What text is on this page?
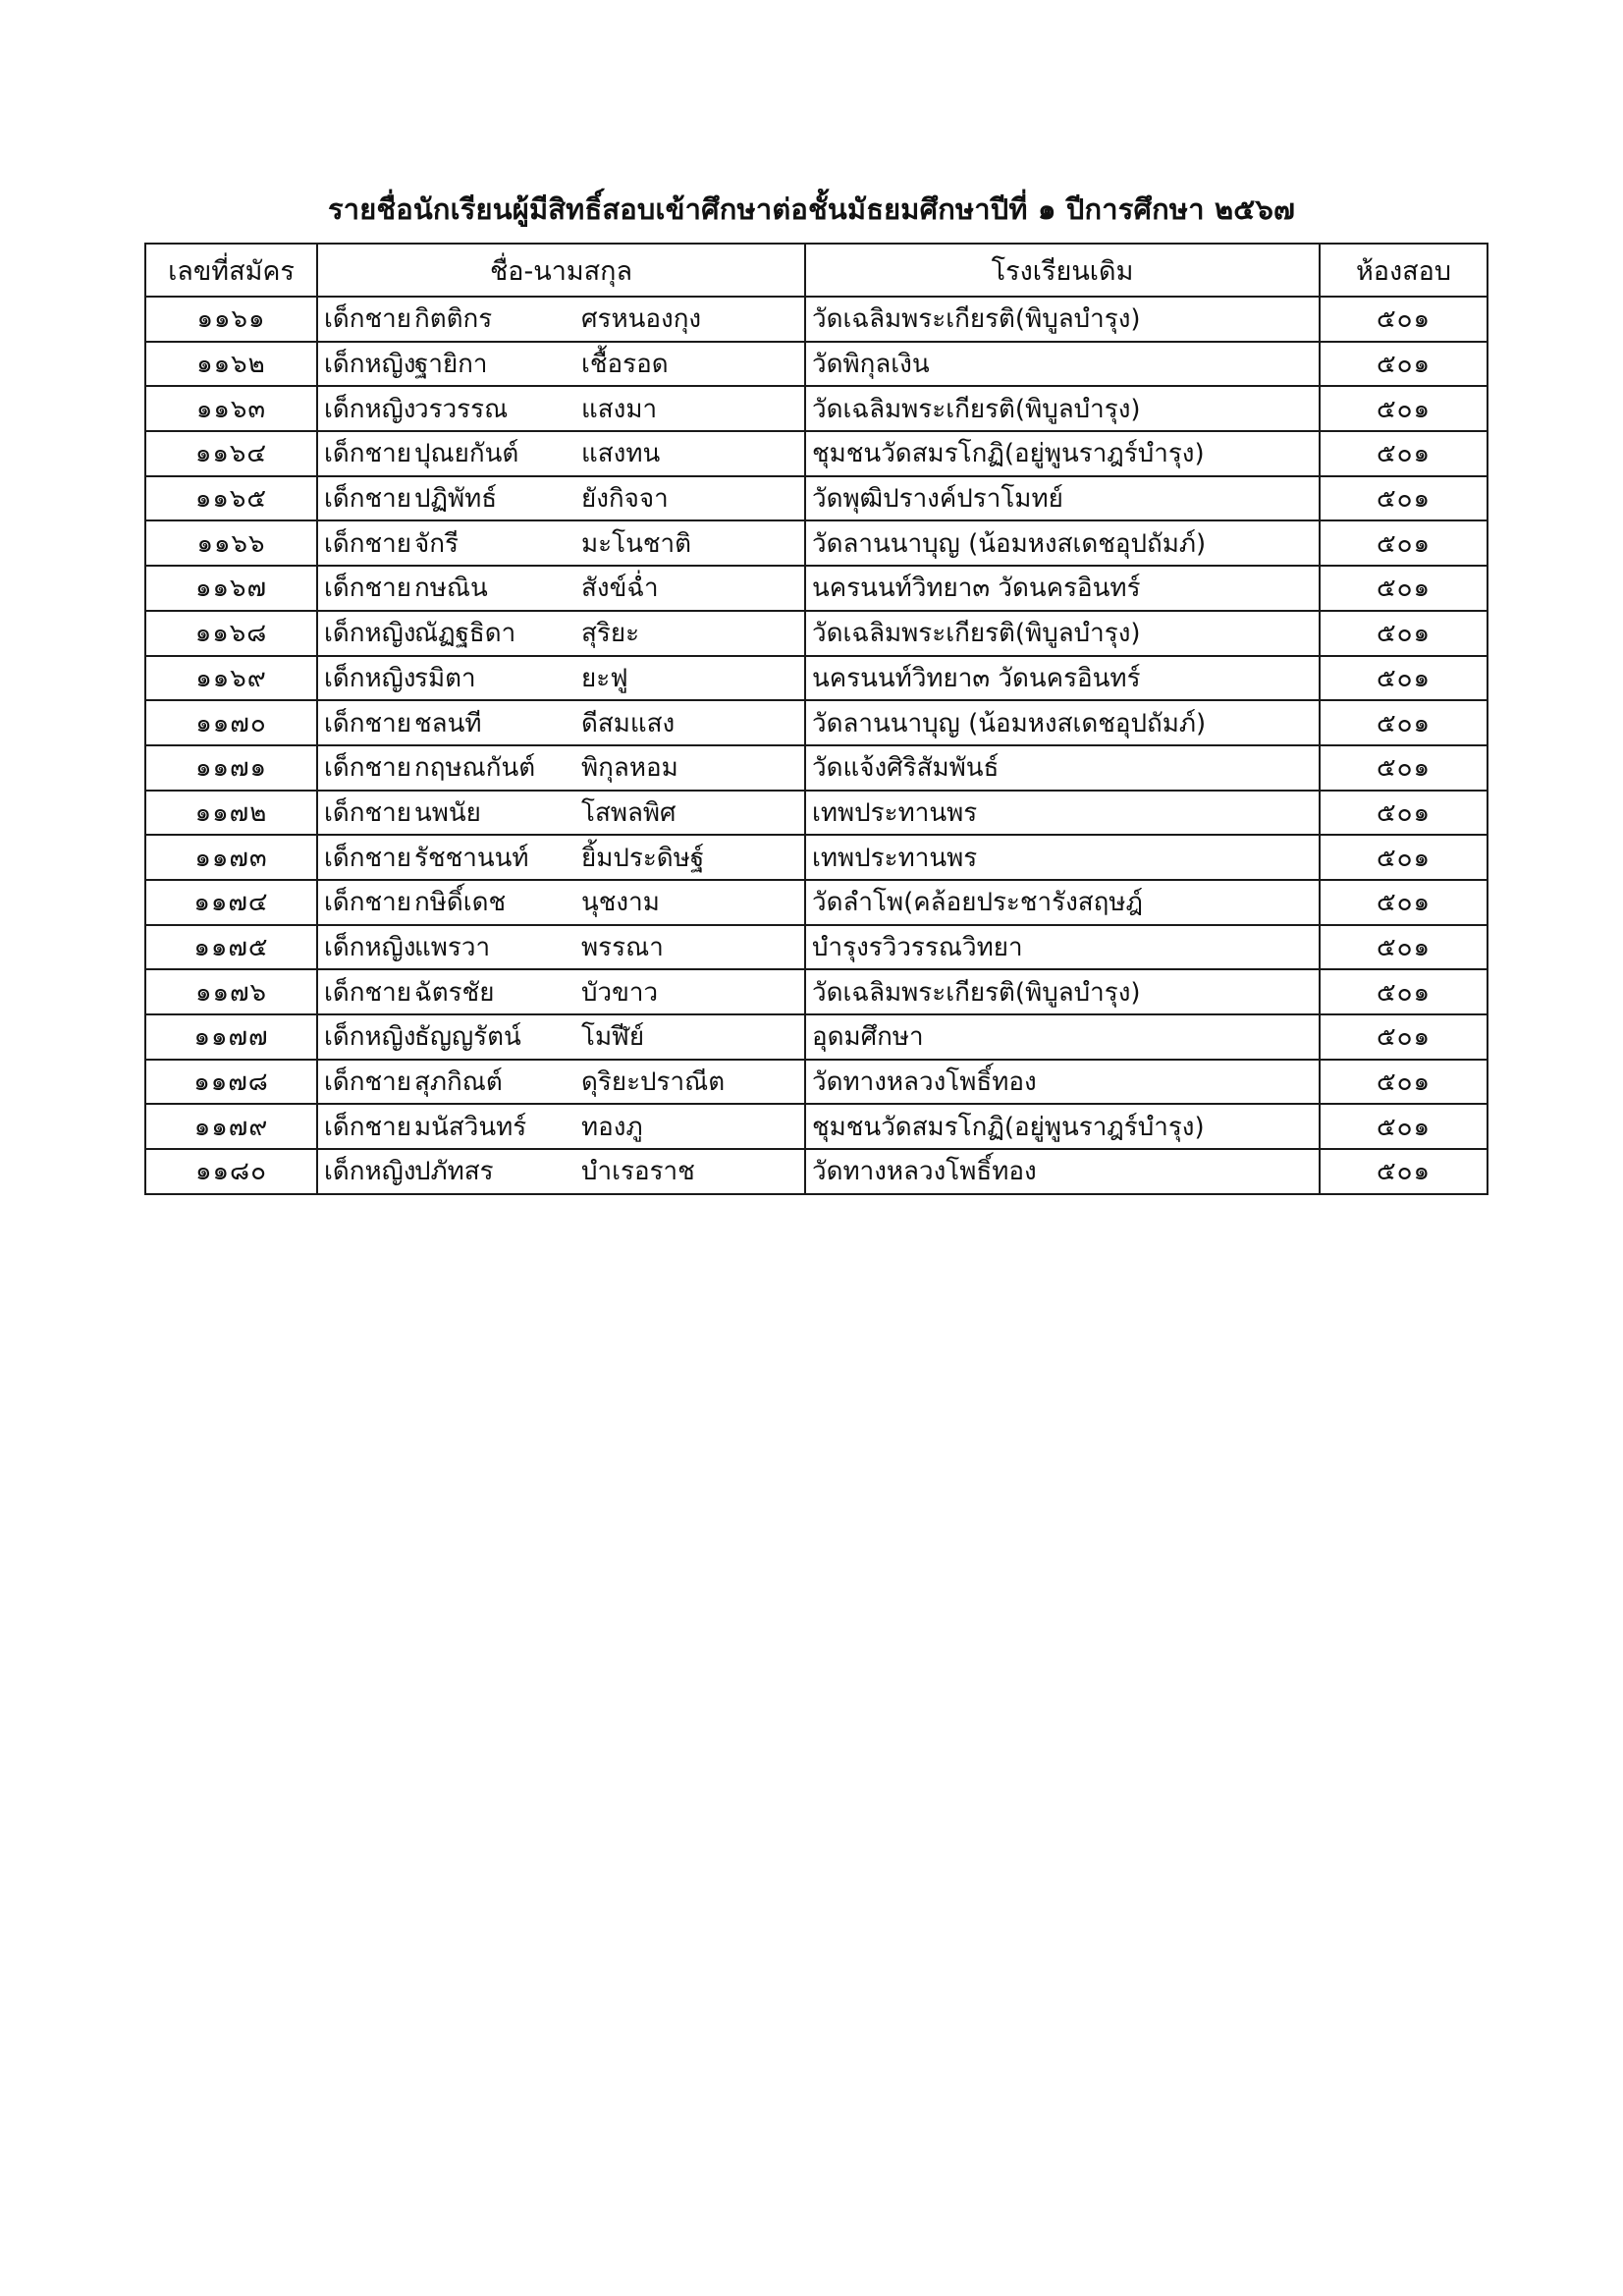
รายชื่อนักเรียนผู้มีสิทธิ์สอบเข้าศึกษาต่อชั้นมัธยมศึกษาปีที่ ๑ ปีการศึกษา ๒๕๖๗
เลขที่สมัคร	ชื่อ-นามสกุล	โรงเรียนเดิม	ห้องสอบ
๑๑๖๑	เด็กชาย กิตติกร ศรหนองกุง	วัดเฉลิมพระเกียรติ(พิบูลบำรุง)	๕๐๑
๑๑๖๒	เด็กหญิงฐายิกา เชื้อรอด	วัดพิกุลเงิน	๕๐๑
๑๑๖๓	เด็กหญิงวรวรรณ แสงมา	วัดเฉลิมพระเกียรติ(พิบูลบำรุง)	๕๐๑
๑๑๖๔	เด็กชาย ปุณยกันต์ แสงทน	ชุมชนวัดสมรโกฏิ(อยู่พูนราฎร์บำรุง)	๕๐๑
๑๑๖๕	เด็กชาย ปฏิพัทธ์ ยังกิจจา	วัดพุฒิปรางค์ปราโมทย์	๕๐๑
๑๑๖๖	เด็กชาย จักรี มะโนชาติ	วัดลานนาบุญ (น้อมหงสเดชอุปถัมภ์)	๕๐๑
๑๑๖๗	เด็กชาย กษณิน สังข์ฉ่ำ	นครนนท์วิทยา๓ วัดนครอินทร์	๕๐๑
๑๑๖๘	เด็กหญิงณัฏฐธิดา สุริยะ	วัดเฉลิมพระเกียรติ(พิบูลบำรุง)	๕๐๑
๑๑๖๙	เด็กหญิงรมิตา ยะฟู	นครนนท์วิทยา๓ วัดนครอินทร์	๕๐๑
๑๑๗๐	เด็กชาย ชลนที ดีสมแสง	วัดลานนาบุญ (น้อมหงสเดชอุปถัมภ์)	๕๐๑
๑๑๗๑	เด็กชาย กฤษณกันต์ พิกุลหอม	วัดแจ้งศิริสัมพันธ์	๕๐๑
๑๑๗๒	เด็กชาย นพนัย โสพลพิศ	เทพประทานพร	๕๐๑
๑๑๗๓	เด็กชาย รัชชานนท์ ยิ้มประดิษฐ์	เทพประทานพร	๕๐๑
๑๑๗๔	เด็กชาย กษิดิ์เดช นุชงาม	วัดลำโพ(คล้อยประชารังสฤษฎ์	๕๐๑
๑๑๗๕	เด็กหญิงแพรวา พรรณา	บำรุงรวิวรรณวิทยา	๕๐๑
๑๑๗๖	เด็กชาย ฉัตรชัย บัวขาว	วัดเฉลิมพระเกียรติ(พิบูลบำรุง)	๕๐๑
๑๑๗๗	เด็กหญิงธัญญรัตน์ โมฬีย์	อุดมศึกษา	๕๐๑
๑๑๗๘	เด็กชาย สุภกิณต์ ดุริยะปราณีต	วัดทางหลวงโพธิ์ทอง	๕๐๑
๑๑๗๙	เด็กชาย มนัสวินทร์ ทองภู	ชุมชนวัดสมรโกฏิ(อยู่พูนราฎร์บำรุง)	๕๐๑
๑๑๘๐	เด็กหญิงปภัทสร บำเรอราช	วัดทางหลวงโพธิ์ทอง	๕๐๑
